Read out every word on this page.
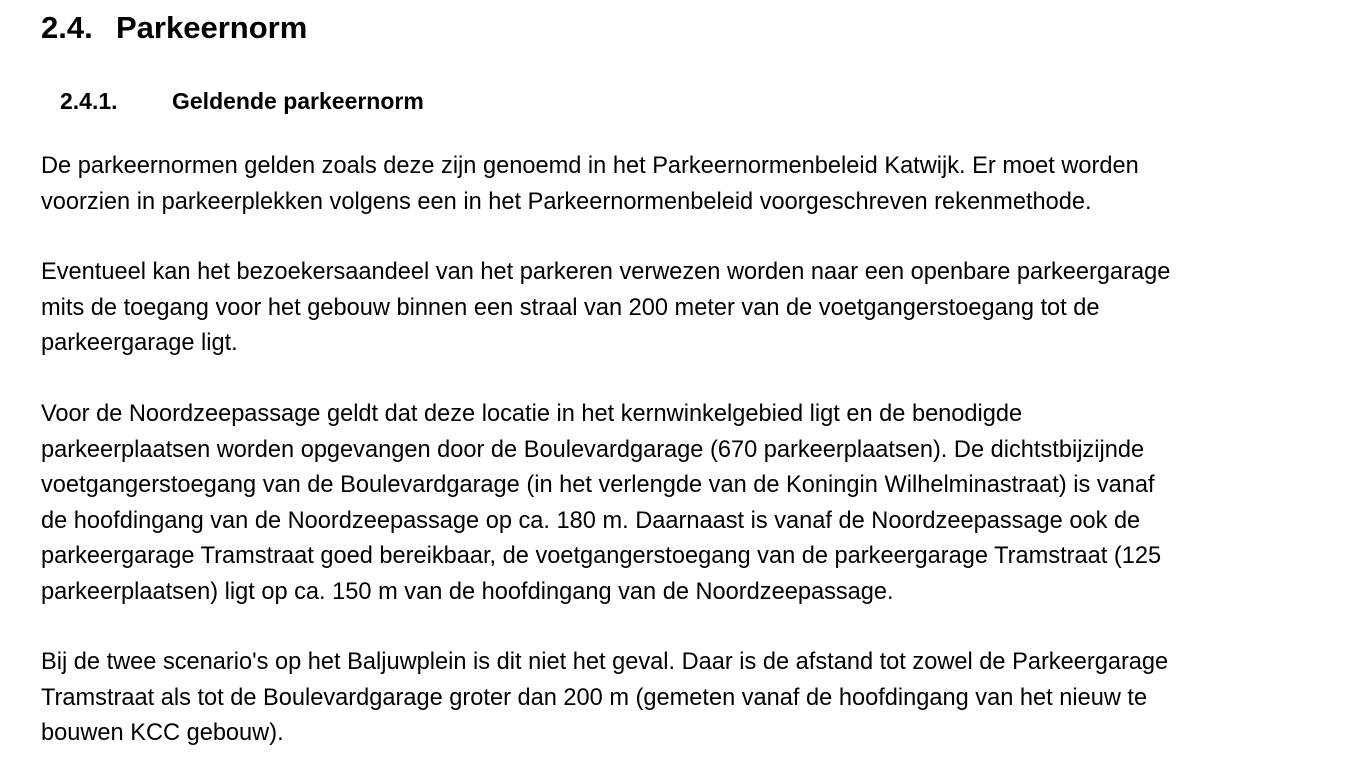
2.4. Parkeernorm
2.4.1. Geldende parkeernorm

De parkeernormen gelden zoals deze zijn genoemd in het Parkeernormenbeleid Katwijk. Er moet worden
voorzien in parkeerplekken volgens een in het Parkeernormenbeleid voorgeschreven rekenmethode.

Eventueel kan het bezoekersaandeel van het parkeren verwezen worden naar een openbare parkeergarage
mits de toegang voor het gebouw binnen een straal van 200 meter van de voetgangerstoegang tot de
parkeergarage ligt.

Voor de Noordzeepassage geldt dat deze locatie in het kernwinkelgebied ligt en de benodigde
parkeerplaatsen worden opgevangen door de Boulevardgarage (670 parkeerplaatsen). De dichtstbijzijnde
voetgangerstoegang van de Boulevardgarage (in het verlengde van de Koningin Wilhelminastraat) is vanaf
de hoofdingang van de Noordzeepassage op ca. 180 m. Daarnaast is vanaf de Noordzeepassage ook de
parkeergarage Tramstraat goed bereikbaar, de voetgangerstoegang van de parkeergarage Tramstraat (125
parkeerplaatsen) ligt op ca. 150 m van de hoofdingang van de Noordzeepassage.

Bij de twee scenario's op het Baljuwplein is dit niet het geval. Daar is de afstand tot zowel de Parkeergarage
Tramstraat als tot de Boulevardgarage groter dan 200 m (gemeten vanaf de hoofdingang van het nieuw te
bouwen KCC gebouw).
